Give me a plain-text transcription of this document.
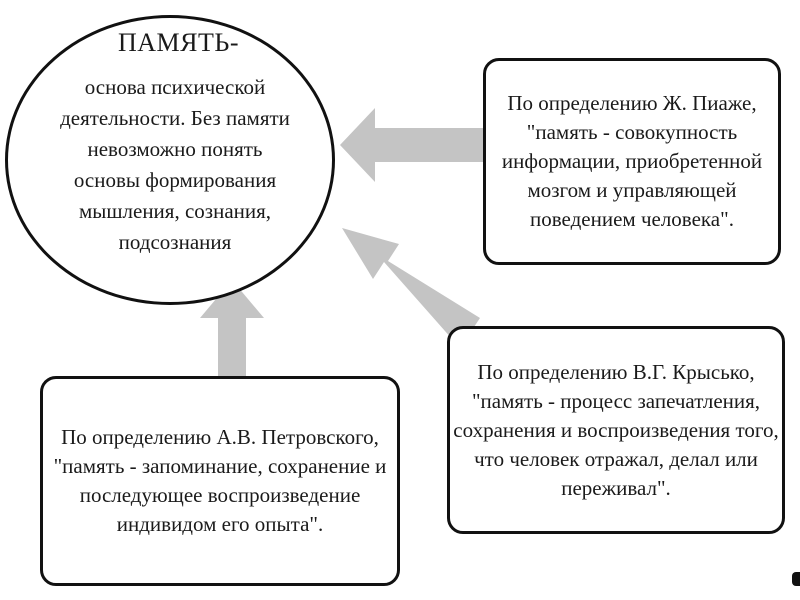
ПАМЯТЬ-
основа психической
деятельности. Без памяти
невозможно понять
основы формирования
мышления, сознания,
подсознания
По определению Ж. Пиаже,
"память - совокупность
информации, приобретенной
мозгом и управляющей
поведением человека".
По определению В.Г. Крысько,
"память - процесс запечатления,
сохранения и воспроизведения того,
что человек отражал, делал или
переживал".
По определению А.В. Петровского,
"память - запоминание, сохранение и
последующее воспроизведение
индивидом его опыта".
